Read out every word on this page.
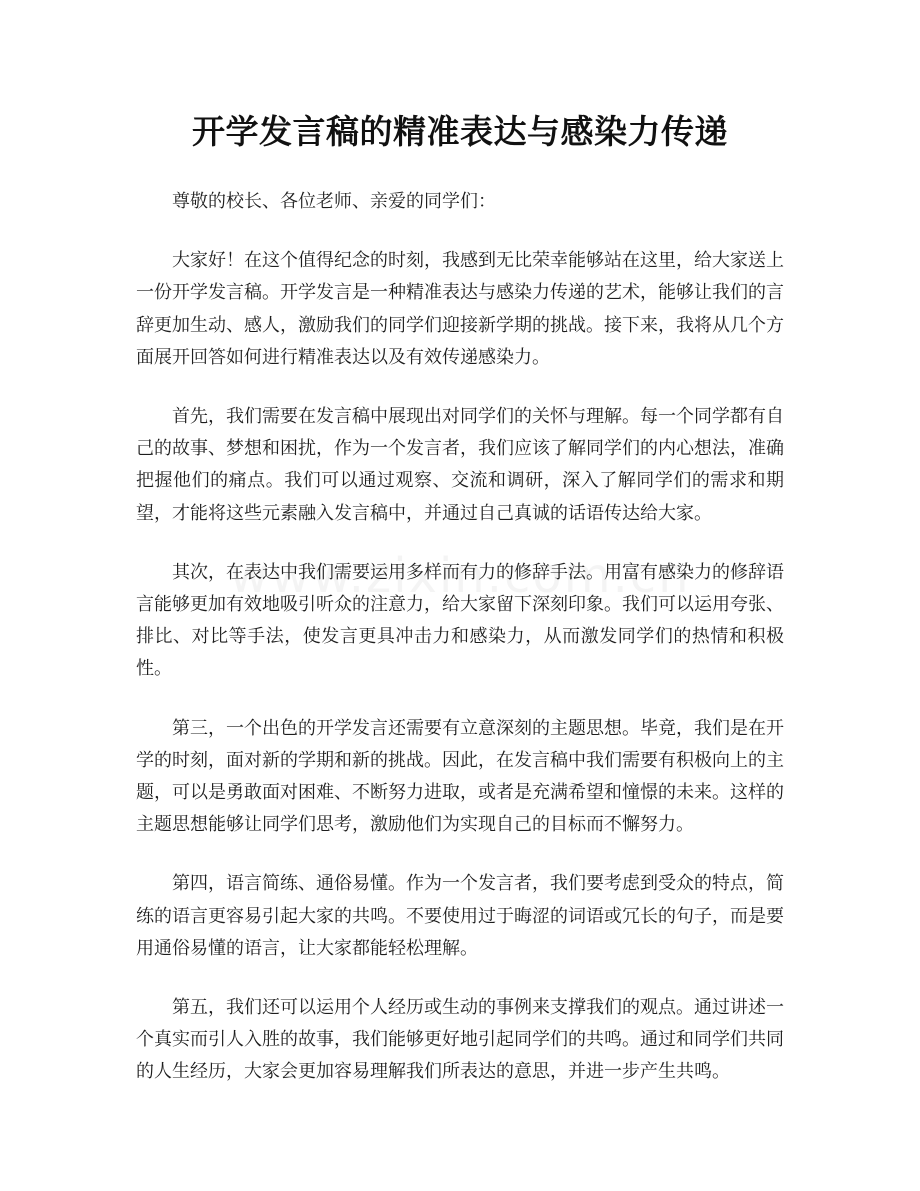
开学发言稿的精准表达与感染力传递

尊敬的校长、各位老师、亲爱的同学们：

大家好！在这个值得纪念的时刻，我感到无比荣幸能够站在这里，给大家送上一份开学发言稿。开学发言是一种精准表达与感染力传递的艺术，能够让我们的言辞更加生动、感人，激励我们的同学们迎接新学期的挑战。接下来，我将从几个方面展开回答如何进行精准表达以及有效传递感染力。

首先，我们需要在发言稿中展现出对同学们的关怀与理解。每一个同学都有自己的故事、梦想和困扰，作为一个发言者，我们应该了解同学们的内心想法，准确把握他们的痛点。我们可以通过观察、交流和调研，深入了解同学们的需求和期望，才能将这些元素融入发言稿中，并通过自己真诚的话语传达给大家。

其次，在表达中我们需要运用多样而有力的修辞手法。用富有感染力的修辞语言能够更加有效地吸引听众的注意力，给大家留下深刻印象。我们可以运用夸张、排比、对比等手法，使发言更具冲击力和感染力，从而激发同学们的热情和积极性。

第三，一个出色的开学发言还需要有立意深刻的主题思想。毕竟，我们是在开学的时刻，面对新的学期和新的挑战。因此，在发言稿中我们需要有积极向上的主题，可以是勇敢面对困难、不断努力进取，或者是充满希望和憧憬的未来。这样的主题思想能够让同学们思考，激励他们为实现自己的目标而不懈努力。

第四，语言简练、通俗易懂。作为一个发言者，我们要考虑到受众的特点，简练的语言更容易引起大家的共鸣。不要使用过于晦涩的词语或冗长的句子，而是要用通俗易懂的语言，让大家都能轻松理解。

第五，我们还可以运用个人经历或生动的事例来支撑我们的观点。通过讲述一个真实而引人入胜的故事，我们能够更好地引起同学们的共鸣。通过和同学们共同的人生经历，大家会更加容易理解我们所表达的意思，并进一步产生共鸣。
